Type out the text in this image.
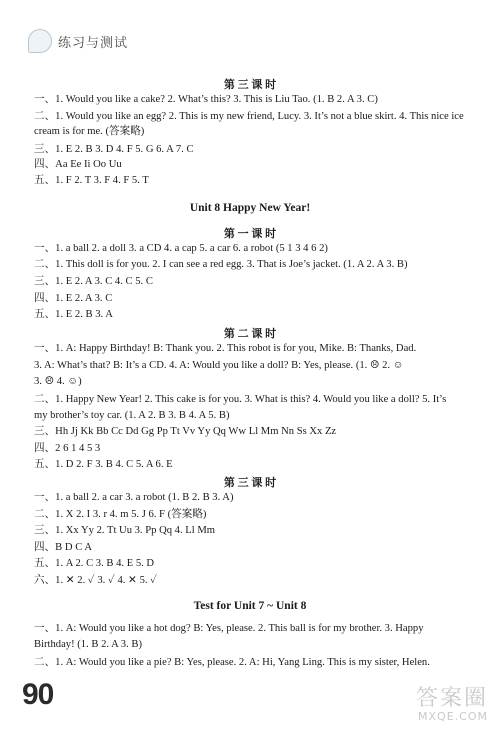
练习与测试
第 三 课 时
一、1. Would you like a cake? 2. What’s this? 3. This is Liu Tao. (1. B 2. A 3. C)
二、1. Would you like an egg? 2. This is my new friend, Lucy. 3. It’s not a blue skirt. 4. This nice ice
cream is for me. (答案略)
三、1. E 2. B 3. D 4. F 5. G 6. A 7. C
四、Aa Ee Ii Oo Uu
五、1. F 2. T 3. F 4. F 5. T
Unit 8 Happy New Year!
第 一 课 时
一、1. a ball 2. a doll 3. a CD 4. a cap 5. a car 6. a robot (5 1 3 4 6 2)
二、1. This doll is for you. 2. I can see a red egg. 3. That is Joe’s jacket. (1. A 2. A 3. B)
三、1. E 2. A 3. C 4. C 5. C
四、1. E 2. A 3. C
五、1. E 2. B 3. A
第 二 课 时
一、1. A: Happy Birthday! B: Thank you. 2. This robot is for you, Mike. B: Thanks, Dad.
3. A: What’s that? B: It’s a CD. 4. A: Would you like a doll? B: Yes, please. (1. ☹ 2. ☺
3. ☹ 4. ☺)
二、1. Happy New Year! 2. This cake is for you. 3. What is this? 4. Would you like a doll? 5. It’s
my brother’s toy car. (1. A 2. B 3. B 4. A 5. B)
三、Hh Jj Kk Bb Cc Dd Gg Pp Tt Vv Yy Qq Ww Ll Mm Nn Ss Xx Zz
四、2 6 1 4 5 3
五、1. D 2. F 3. B 4. C 5. A 6. E
第 三 课 时
一、1. a ball 2. a car 3. a robot (1. B 2. B 3. A)
二、1. X 2. I 3. r 4. m 5. J 6. F (答案略)
三、1. Xx Yy 2. Tt Uu 3. Pp Qq 4. Ll Mm
四、B D C A
五、1. A 2. C 3. B 4. E 5. D
六、1. ✕ 2. ✓ 3. ✓ 4. ✕ 5. ✓
Test for Unit 7 ~ Unit 8
一、1. A: Would you like a hot dog? B: Yes, please. 2. This ball is for my brother. 3. Happy
Birthday! (1. B 2. A 3. B)
二、1. A: Would you like a pie? B: Yes, please. 2. A: Hi, Yang Ling. This is my sister, Helen.
90	答案圈
MXQE.COM
